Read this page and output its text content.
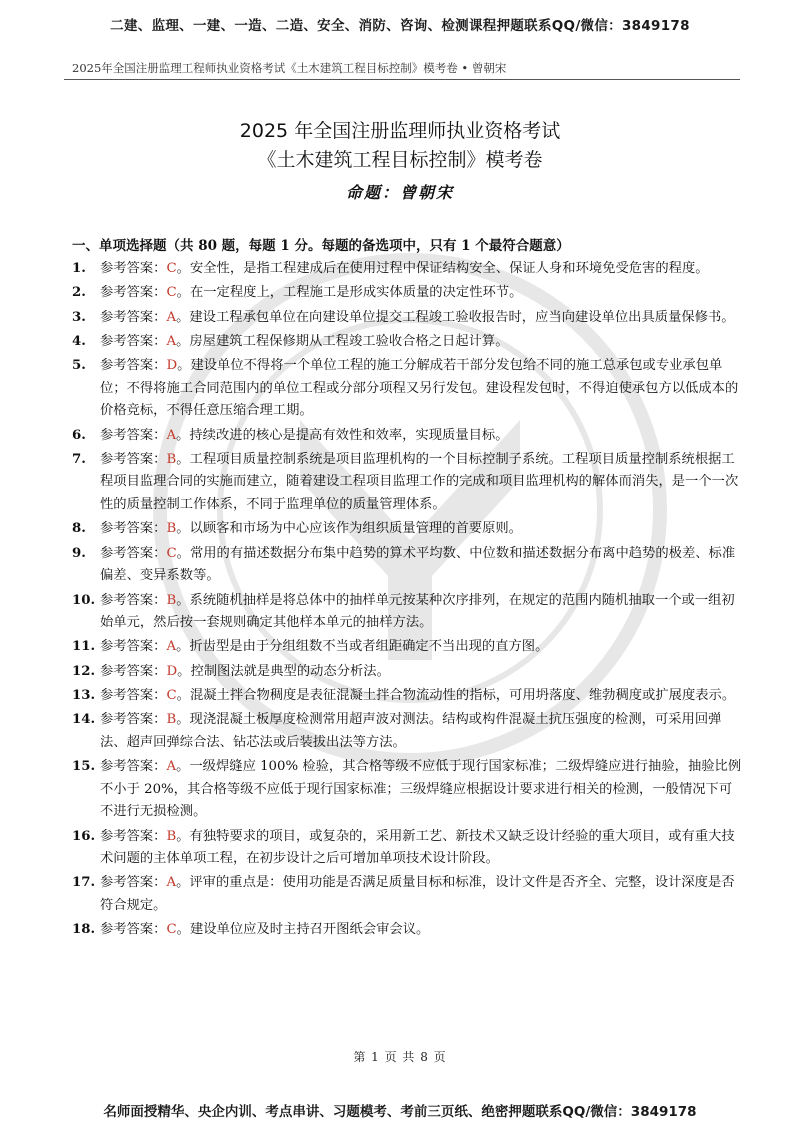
二建、监理、一建、一造、二造、安全、消防、咨询、检测课程押题联系QQ/微信：3849178
2025年全国注册监理工程师执业资格考试《土木建筑工程目标控制》模考卷 • 曾朝宋
2025 年全国注册监理师执业资格考试
《土木建筑工程目标控制》模考卷
命题：曾朝宋
一、单项选择题（共 80 题，每题 1 分。每题的备选项中，只有 1 个最符合题意）
1.	参考答案：C。安全性，是指工程建成后在使用过程中保证结构安全、保证人身和环境免受危害的程度。
2.	参考答案：C。在一定程度上，工程施工是形成实体质量的决定性环节。
3.	参考答案：A。建设工程承包单位在向建设单位提交工程竣工验收报告时，应当向建设单位出具质量保修书。
4.	参考答案：A。房屋建筑工程保修期从工程竣工验收合格之日起计算。
5.	参考答案：D。建设单位不得将一个单位工程的施工分解成若干部分发包给不同的施工总承包或专业承包单位；不得将施工合同范围内的单位工程或分部分项程又另行发包。建设程发包时，不得迫使承包方以低成本的价格竞标，不得任意压缩合理工期。
6.	参考答案：A。持续改进的核心是提高有效性和效率，实现质量目标。
7.	参考答案：B。工程项目质量控制系统是项目监理机构的一个目标控制子系统。工程项目质量控制系统根据工程项目监理合同的实施而建立，随着建设工程项目监理工作的完成和项目监理机构的解体而消失，是一个一次性的质量控制工作体系，不同于监理单位的质量管理体系。
8.	参考答案：B。以顾客和市场为中心应该作为组织质量管理的首要原则。
9.	参考答案：C。常用的有描述数据分布集中趋势的算术平均数、中位数和描述数据分布离中趋势的极差、标准偏差、变异系数等。
10. 参考答案：B。系统随机抽样是将总体中的抽样单元按某种次序排列，在规定的范围内随机抽取一个或一组初始单元，然后按一套规则确定其他样本单元的抽样方法。
11. 参考答案：A。折齿型是由于分组组数不当或者组距确定不当出现的直方图。
12. 参考答案：D。控制图法就是典型的动态分析法。
13. 参考答案：C。混凝土拌合物稠度是表征混凝土拌合物流动性的指标，可用坍落度、维勃稠度或扩展度表示。
14. 参考答案：B。现浇混凝土板厚度检测常用超声波对测法。结构或构件混凝土抗压强度的检测，可采用回弹法、超声回弹综合法、钻芯法或后装拔出法等方法。
15. 参考答案：A。一级焊缝应 100% 检验，其合格等级不应低于现行国家标准；二级焊缝应进行抽验，抽验比例不小于 20%，其合格等级不应低于现行国家标准；三级焊缝应根据设计要求进行相关的检测，一般情况下可不进行无损检测。
16. 参考答案：B。有独特要求的项目，或复杂的，采用新工艺、新技术又缺乏设计经验的重大项目，或有重大技术问题的主体单项工程，在初步设计之后可增加单项技术设计阶段。
17. 参考答案：A。评审的重点是：使用功能是否满足质量目标和标准，设计文件是否齐全、完整，设计深度是否符合规定。
18. 参考答案：C。建设单位应及时主持召开图纸会审会议。
第 1 页 共 8 页
名师面授精华、央企内训、考点串讲、习题模考、考前三页纸、绝密押题联系QQ/微信：3849178
